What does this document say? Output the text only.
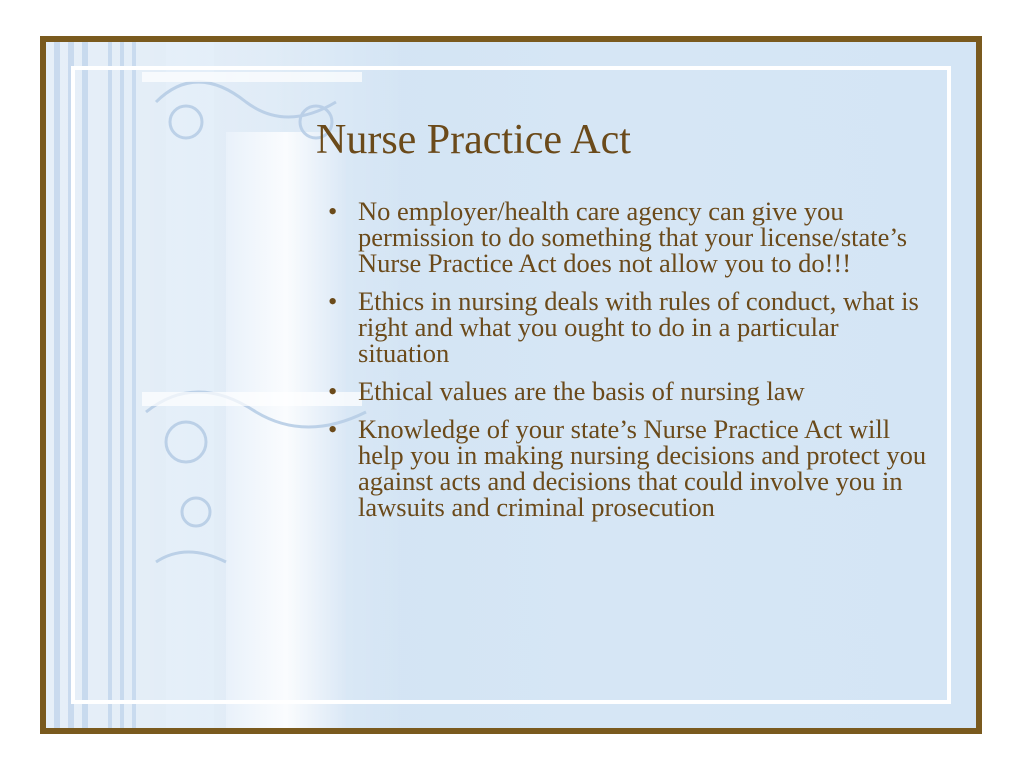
Nurse Practice Act
• No employer/health care agency can give you permission to do something that your license/state’s Nurse Practice Act does not allow you to do!!!
• Ethics in nursing deals with rules of conduct, what is right and what you ought to do in a particular situation
• Ethical values are the basis of nursing law
• Knowledge of your state’s Nurse Practice Act will help you in making nursing decisions and protect you against acts and decisions that could involve you in lawsuits and criminal prosecution
